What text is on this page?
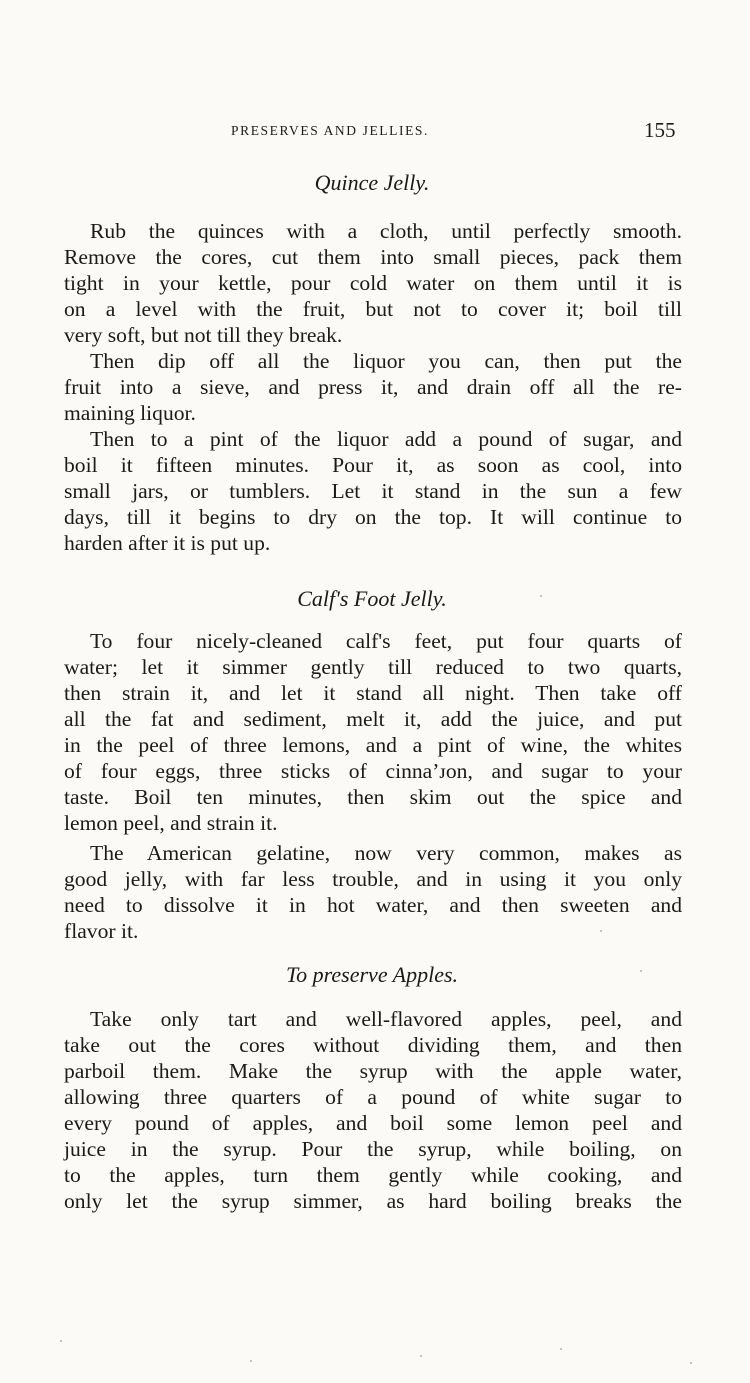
PRESERVES AND JELLIES.	155
Quince Jelly.
Rub the quinces with a cloth, until perfectly smooth.
Remove the cores, cut them into small pieces, pack them
tight in your kettle, pour cold water on them until it is
on a level with the fruit, but not to cover it; boil till
very soft, but not till they break.
Then dip off all the liquor you can, then put the
fruit into a sieve, and press it, and drain off all the re-
maining liquor.
Then to a pint of the liquor add a pound of sugar, and
boil it fifteen minutes. Pour it, as soon as cool, into
small jars, or tumblers. Let it stand in the sun a few
days, till it begins to dry on the top. It will continue to
harden after it is put up.
Calf's Foot Jelly.
To four nicely-cleaned calf's feet, put four quarts of
water; let it simmer gently till reduced to two quarts,
then strain it, and let it stand all night. Then take off
all the fat and sediment, melt it, add the juice, and put
in the peel of three lemons, and a pint of wine, the whites
of four eggs, three sticks of cinna’ᴊon, and sugar to your
taste. Boil ten minutes, then skim out the spice and
lemon peel, and strain it.
The American gelatine, now very common, makes as
good jelly, with far less trouble, and in using it you only
need to dissolve it in hot water, and then sweeten and
flavor it.
To preserve Apples.
Take only tart and well-flavored apples, peel, and
take out the cores without dividing them, and then
parboil them. Make the syrup with the apple water,
allowing three quarters of a pound of white sugar to
every pound of apples, and boil some lemon peel and
juice in the syrup. Pour the syrup, while boiling, on
to the apples, turn them gently while cooking, and
only let the syrup simmer, as hard boiling breaks the
